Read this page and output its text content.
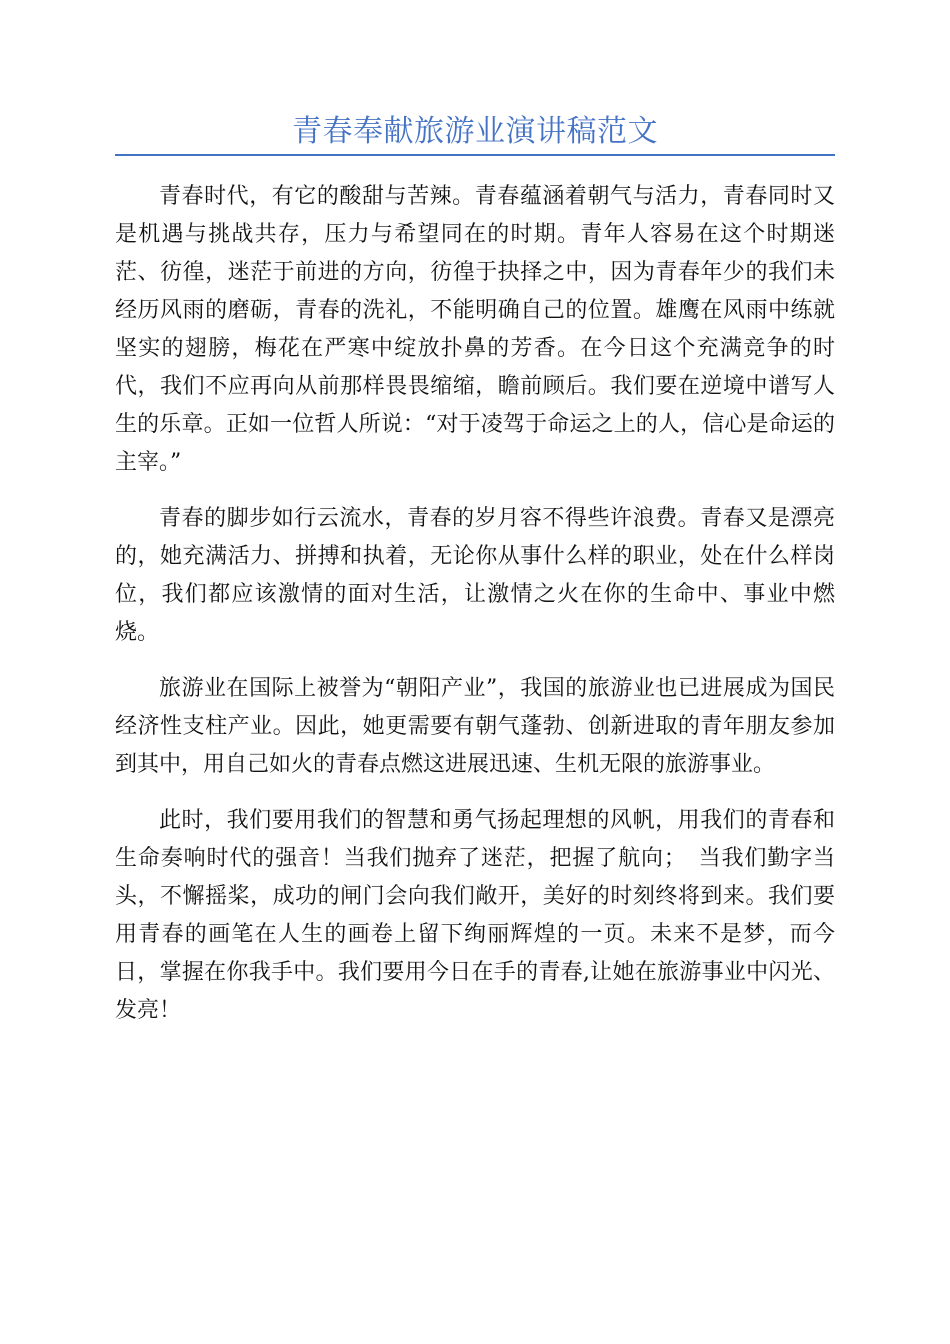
青春奉献旅游业演讲稿范文

青春时代，有它的酸甜与苦辣。青春蕴涵着朝气与活力，青春同时又是机遇与挑战共存，压力与希望同在的时期。青年人容易在这个时期迷茫、彷徨，迷茫于前进的方向，彷徨于抉择之中，因为青春年少的我们未经历风雨的磨砺，青春的洗礼，不能明确自己的位置。雄鹰在风雨中练就坚实的翅膀，梅花在严寒中绽放扑鼻的芳香。在今日这个充满竞争的时代，我们不应再向从前那样畏畏缩缩，瞻前顾后。我们要在逆境中谱写人生的乐章。正如一位哲人所说：“对于凌驾于命运之上的人，信心是命运的主宰。”

青春的脚步如行云流水，青春的岁月容不得些许浪费。青春又是漂亮的，她充满活力、拼搏和执着，无论你从事什么样的职业，处在什么样岗位，我们都应该激情的面对生活，让激情之火在你的生命中、事业中燃烧。

旅游业在国际上被誉为“朝阳产业”，我国的旅游业也已进展成为国民经济性支柱产业。因此，她更需要有朝气蓬勃、创新进取的青年朋友参加到其中，用自己如火的青春点燃这进展迅速、生机无限的旅游事业。

此时，我们要用我们的智慧和勇气扬起理想的风帆，用我们的青春和生命奏响时代的强音！当我们抛弃了迷茫，把握了航向；　当我们勤字当头，不懈摇桨，成功的闸门会向我们敞开，美好的时刻终将到来。我们要用青春的画笔在人生的画卷上留下绚丽辉煌的一页。未来不是梦，而今日，掌握在你我手中。我们要用今日在手的青春,让她在旅游事业中闪光、发亮！
